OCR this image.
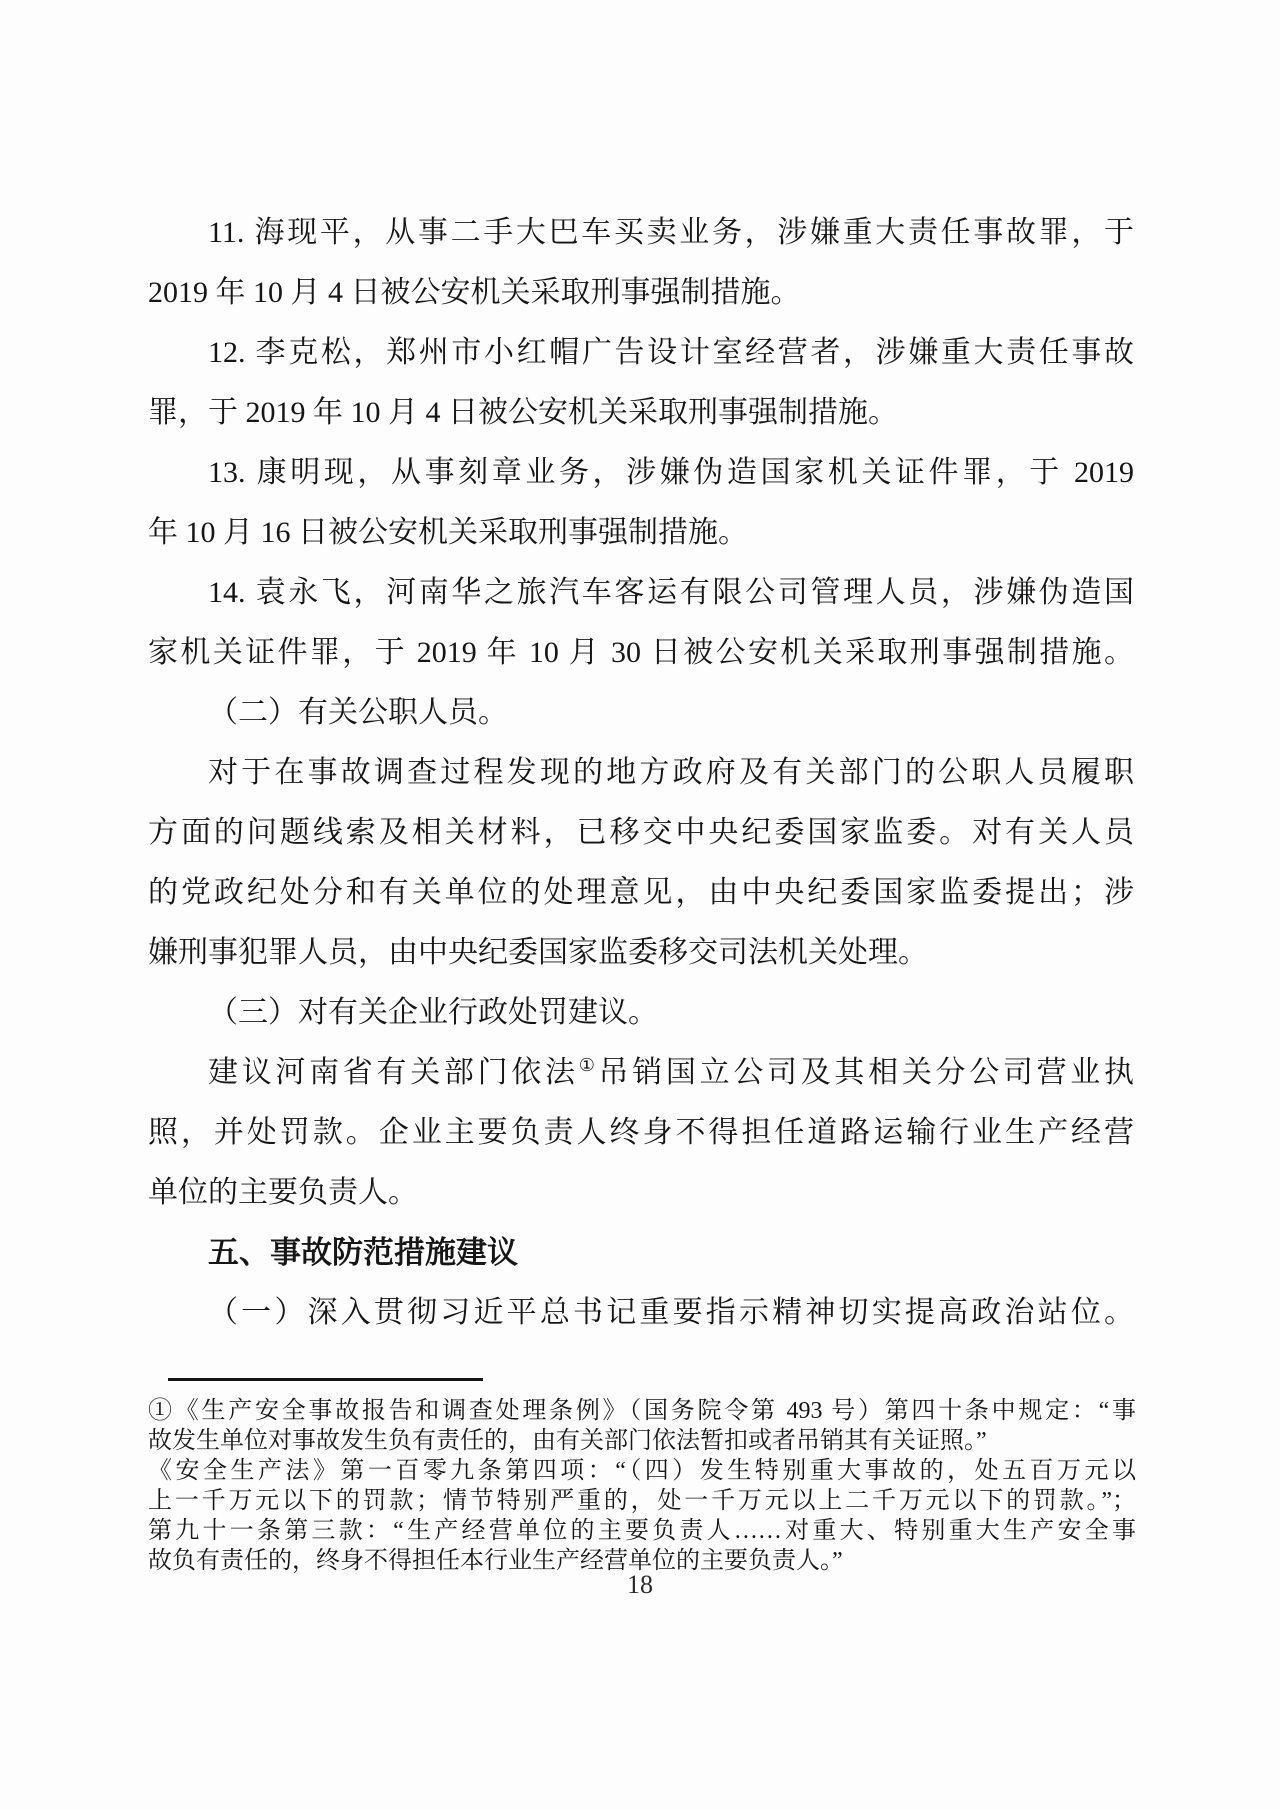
11. 海现平，从事二手大巴车买卖业务，涉嫌重大责任事故罪，于
2019 年 10 月 4 日被公安机关采取刑事强制措施。
12. 李克松，郑州市小红帽广告设计室经营者，涉嫌重大责任事故
罪，于 2019 年 10 月 4 日被公安机关采取刑事强制措施。
13. 康明现，从事刻章业务，涉嫌伪造国家机关证件罪，于 2019
年 10 月 16 日被公安机关采取刑事强制措施。
14. 袁永飞，河南华之旅汽车客运有限公司管理人员，涉嫌伪造国
家机关证件罪，于 2019 年 10 月 30 日被公安机关采取刑事强制措施。
（二）有关公职人员。
对于在事故调查过程发现的地方政府及有关部门的公职人员履职
方面的问题线索及相关材料，已移交中央纪委国家监委。对有关人员
的党政纪处分和有关单位的处理意见，由中央纪委国家监委提出；涉
嫌刑事犯罪人员，由中央纪委国家监委移交司法机关处理。
（三）对有关企业行政处罚建议。
建议河南省有关部门依法①吊销国立公司及其相关分公司营业执
照，并处罚款。企业主要负责人终身不得担任道路运输行业生产经营
单位的主要负责人。
五、事故防范措施建议
（一）深入贯彻习近平总书记重要指示精神切实提高政治站位。
①《生产安全事故报告和调查处理条例》（国务院令第 493 号）第四十条中规定：“事
故发生单位对事故发生负有责任的，由有关部门依法暂扣或者吊销其有关证照。”
《安全生产法》第一百零九条第四项：“（四）发生特别重大事故的，处五百万元以
上一千万元以下的罚款；情节特别严重的，处一千万元以上二千万元以下的罚款。”；
第九十一条第三款：“生产经营单位的主要负责人……对重大、特别重大生产安全事
故负有责任的，终身不得担任本行业生产经营单位的主要负责人。”
18
